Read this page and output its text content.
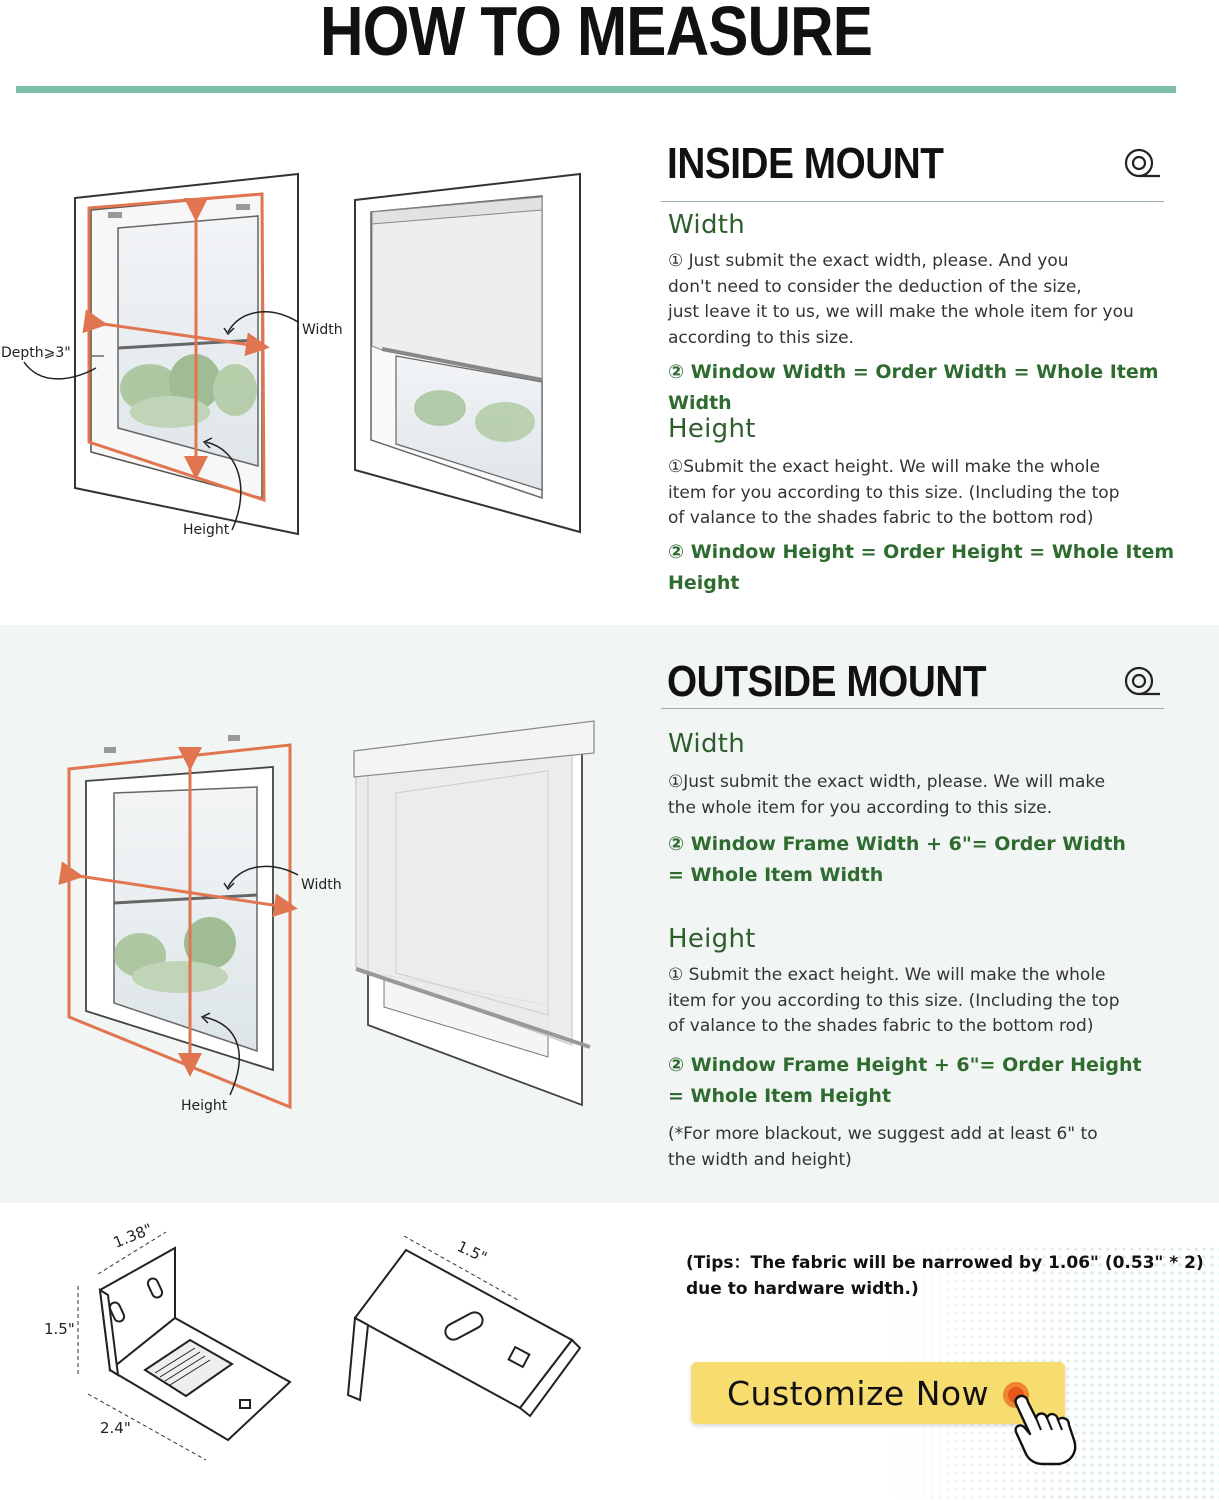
HOW TO MEASURE
Width
Height
Depth⩾3"
INSIDE MOUNT
Width
① Just submit the exact width, please. And you
don't need to consider the deduction of the size,
just leave it to us, we will make the whole item for you
according to this size.
② Window Width = Order Width = Whole Item Width
Height
①Submit the exact height. We will make the whole
item for you according to this size. (Including the top
of valance to the shades fabric to the bottom rod)
② Window Height = Order Height = Whole Item Height
Width
Height
OUTSIDE MOUNT
Width
①Just submit the exact width, please. We will make
the whole item for you according to this size.
② Window Frame Width + 6"= Order Width
= Whole Item Width
Height
① Submit the exact height. We will make the whole
item for you according to this size. (Including the top
of valance to the shades fabric to the bottom rod)
② Window Frame Height + 6"= Order Height
= Whole Item Height
(*For more blackout, we suggest add at least 6" to
the width and height)
1.38"
1.5"
2.4"
1.5"	(Tips：The fabric will be narrowed by 1.06" (0.53" * 2)
due to hardware width.)
Customize Now
